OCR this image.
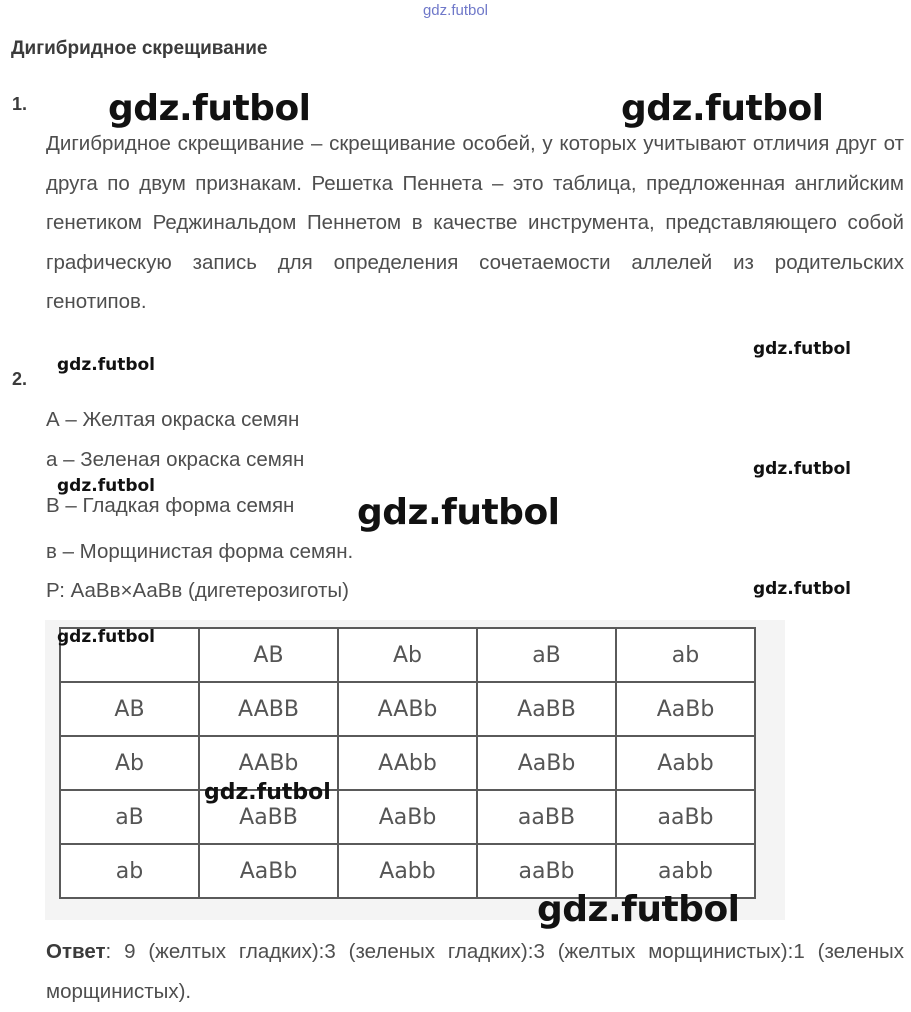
gdz.futbol
Дигибридное скрещивание
1.
Дигибридное скрещивание – скрещивание особей, у которых учитывают отличия друг от друга по двум признакам. Решетка Пеннета – это таблица, предложенная английским генетиком Реджинальдом Пеннетом в качестве инструмента, представляющего собой графическую запись для определения сочетаемости аллелей из родительских генотипов.
2.
А – Желтая окраска семян
а – Зеленая окраска семян
В – Гладкая форма семян
в – Морщинистая форма семян.
Р: АаВв×АаВв (дигетерозиготы)
	AB	Ab	aB	ab
AB	AABB	AABb	AaBB	AaBb
Ab	AABb	AAbb	AaBb	Aabb
aB	AaBB	AaBb	aaBB	aaBb
ab	AaBb	Aabb	aaBb	aabb
Ответ: 9 (желтых гладких):3 (зеленых гладких):3 (желтых морщинистых):1 (зеленых морщинистых).
gdz.futbol	gdz.futbol
gdz.futbol
gdz.futbol
gdz.futbol
gdz.futbol
gdz.futbol
gdz.futbol
gdz.futbol
gdz.futbol
gdz.futbol
